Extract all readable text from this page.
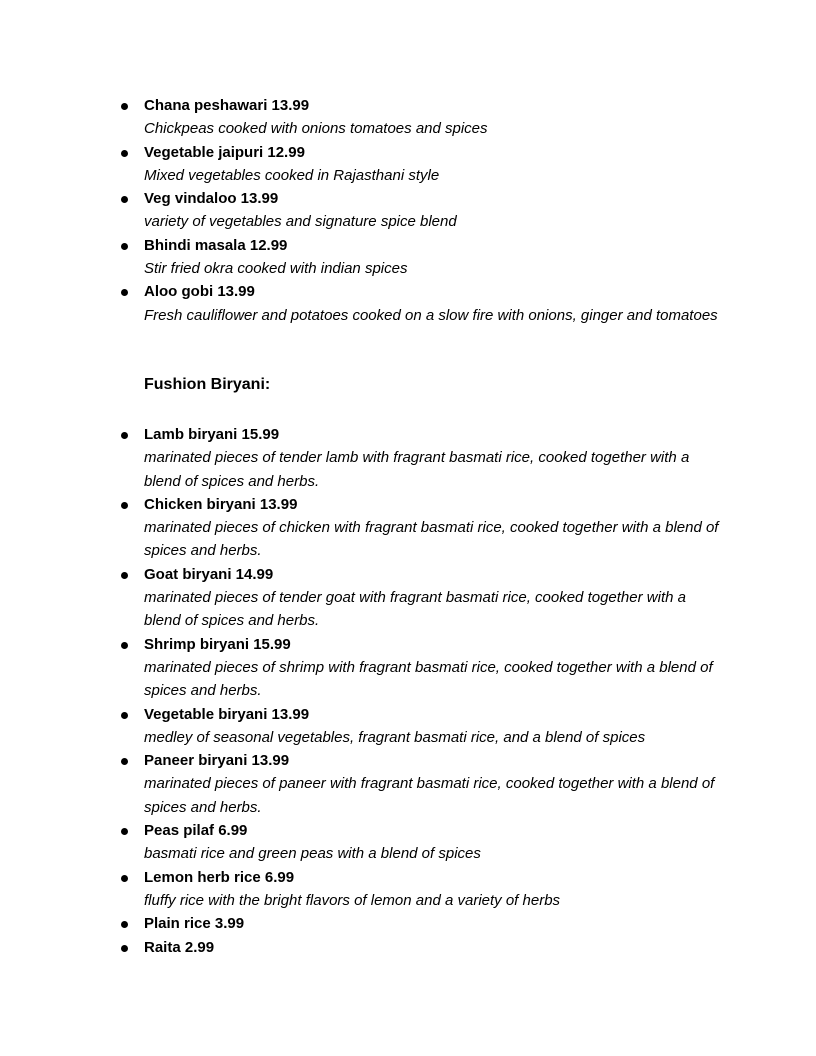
Chana peshawari 13.99
Chickpeas cooked with onions tomatoes and spices
Vegetable jaipuri 12.99
Mixed vegetables cooked in Rajasthani style
Veg vindaloo 13.99
variety of vegetables and signature spice blend
Bhindi masala 12.99
Stir fried okra cooked with indian spices
Aloo gobi 13.99
Fresh cauliflower and potatoes cooked on a slow fire with onions, ginger and tomatoes
Fushion Biryani:
Lamb biryani 15.99
marinated pieces of tender lamb with fragrant basmati rice, cooked together with a blend of spices and herbs.
Chicken biryani 13.99
marinated pieces of chicken with fragrant basmati rice, cooked together with a blend of spices and herbs.
Goat biryani 14.99
marinated pieces of tender goat with fragrant basmati rice, cooked together with a blend of spices and herbs.
Shrimp biryani 15.99
marinated pieces of shrimp with fragrant basmati rice, cooked together with a blend of spices and herbs.
Vegetable biryani 13.99
medley of seasonal vegetables, fragrant basmati rice, and a blend of spices
Paneer biryani 13.99
marinated pieces of paneer with fragrant basmati rice, cooked together with a blend of spices and herbs.
Peas pilaf 6.99
basmati rice and green peas with a blend of spices
Lemon herb rice 6.99
fluffy rice with the bright flavors of lemon and a variety of herbs
Plain rice 3.99
Raita 2.99
